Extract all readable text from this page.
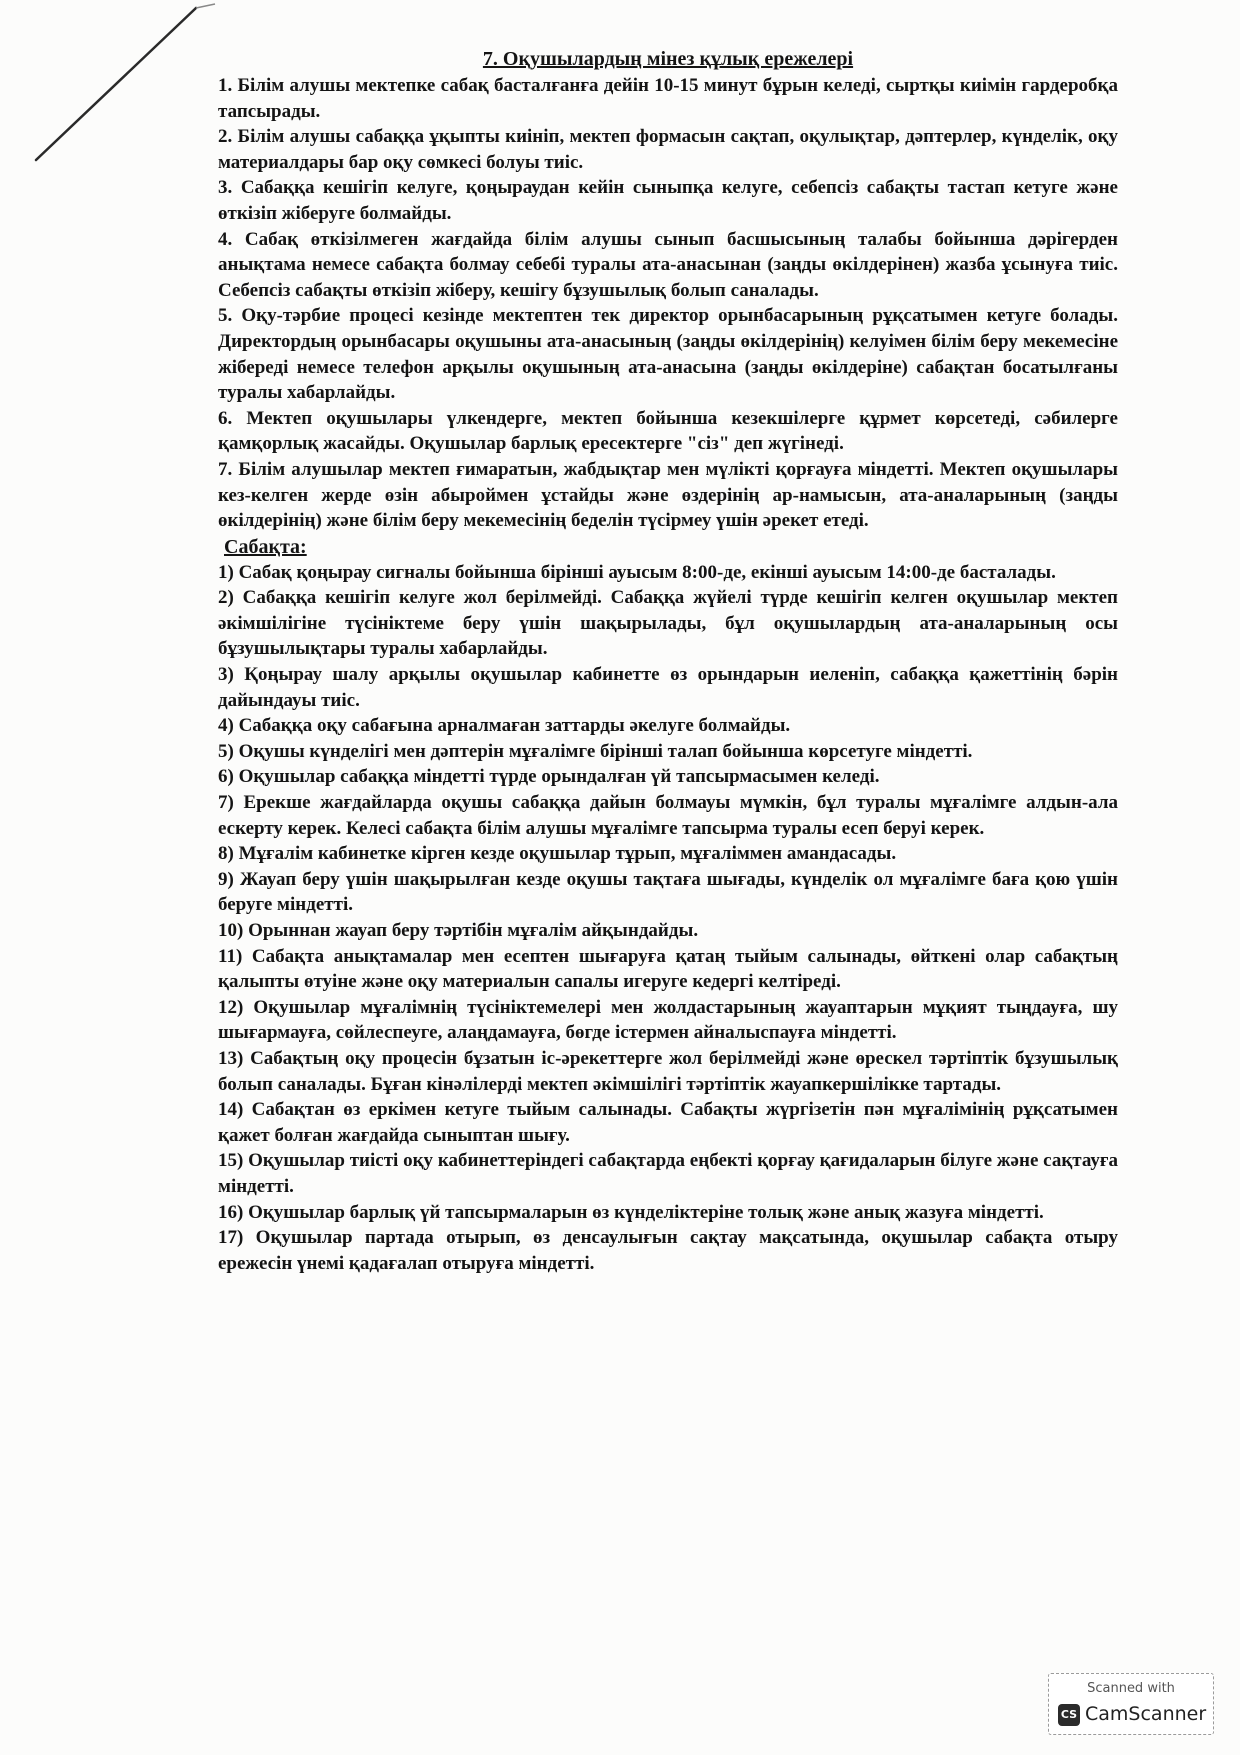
7. Оқушылардың мінез құлық ережелері

1. Білім алушы мектепке сабақ басталғанға дейін 10-15 минут бұрын келеді, сыртқы киімін гардеробқа тапсырады.

2. Білім алушы сабаққа ұқыпты киініп, мектеп формасын сақтап, оқулықтар, дәптерлер, күнделік, оқу материалдары бар оқу сөмкесі болуы тиіс.

3. Сабаққа кешігіп келуге, қоңыраудан кейін сыныпқа келуге, себепсіз сабақты тастап кетуге және өткізіп жіберуге болмайды.

4. Сабақ өткізілмеген жағдайда білім алушы сынып басшысының талабы бойынша дәрігерден анықтама немесе сабақта болмау себебі туралы ата-анасынан (заңды өкілдерінен) жазба ұсынуға тиіс. Себепсіз сабақты өткізіп жіберу, кешігу бұзушылық болып саналады.

5. Оқу-тәрбие процесі кезінде мектептен тек директор орынбасарының рұқсатымен кетуге болады. Директордың орынбасары оқушыны ата-анасының (заңды өкілдерінің) келуімен білім беру мекемесіне жібереді немесе телефон арқылы оқушының ата-анасына (заңды өкілдеріне) сабақтан босатылғаны туралы хабарлайды.

6. Мектеп оқушылары үлкендерге, мектеп бойынша кезекшілерге құрмет көрсетеді, сәбилерге қамқорлық жасайды. Оқушылар барлық ересектерге "сіз" деп жүгінеді.

7. Білім алушылар мектеп ғимаратын, жабдықтар мен мүлікті қорғауға міндетті. Мектеп оқушылары кез-келген жерде өзін абыроймен ұстайды және өздерінің ар-намысын, ата-аналарының (заңды өкілдерінің) және білім беру мекемесінің беделін түсірмеу үшін әрекет етеді.

Сабақта:

1) Сабақ қоңырау сигналы бойынша бірінші ауысым 8:00-де, екінші ауысым 14:00-де басталады.

2) Сабаққа кешігіп келуге жол берілмейді. Сабаққа жүйелі түрде кешігіп келген оқушылар мектеп әкімшілігіне түсініктеме беру үшін шақырылады, бұл оқушылардың ата-аналарының осы бұзушылықтары туралы хабарлайды.

3) Қоңырау шалу арқылы оқушылар кабинетте өз орындарын иеленіп, сабаққа қажеттінің бәрін дайындауы тиіс.

4) Сабаққа оқу сабағына арналмаған заттарды әкелуге болмайды.

5) Оқушы күнделігі мен дәптерін мұғалімге бірінші талап бойынша көрсетуге міндетті.

6) Оқушылар сабаққа міндетті түрде орындалған үй тапсырмасымен келеді.

7) Ерекше жағдайларда оқушы сабаққа дайын болмауы мүмкін, бұл туралы мұғалімге алдын-ала ескерту керек. Келесі сабақта білім алушы мұғалімге тапсырма туралы есеп беруі керек.

8) Мұғалім кабинетке кірген кезде оқушылар тұрып, мұғаліммен амандасады.

9) Жауап беру үшін шақырылған кезде оқушы тақтаға шығады, күнделік ол мұғалімге баға қою үшін беруге міндетті.

10) Орыннан жауап беру тәртібін мұғалім айқындайды.

11) Сабақта анықтамалар мен есептен шығаруға қатаң тыйым салынады, өйткені олар сабақтың қалыпты өтуіне және оқу материалын сапалы игеруге кедергі келтіреді.

12) Оқушылар мұғалімнің түсініктемелері мен жолдастарының жауаптарын мұқият тыңдауға, шу шығармауға, сөйлеспеуге, алаңдамауға, бөгде істермен айналыспауға міндетті.

13) Сабақтың оқу процесін бұзатын іс-әрекеттерге жол берілмейді және өрескел тәртіптік бұзушылық болып саналады. Бұған кінәлілерді мектеп әкімшілігі тәртіптік жауапкершілікке тартады.

14) Сабақтан өз еркімен кетуге тыйым салынады. Сабақты жүргізетін пән мұғалімінің рұқсатымен қажет болған жағдайда сыныптан шығу.

15) Оқушылар тиісті оқу кабинеттеріндегі сабақтарда еңбекті қорғау қағидаларын білуге және сақтауға міндетті.

16) Оқушылар барлық үй тапсырмаларын өз күнделіктеріне толық және анық жазуға міндетті.

17) Оқушылар партада отырып, өз денсаулығын сақтау мақсатында, оқушылар сабақта отыру ережесін үнемі қадағалап отыруға міндетті.

Scanned with
CS CamScanner
